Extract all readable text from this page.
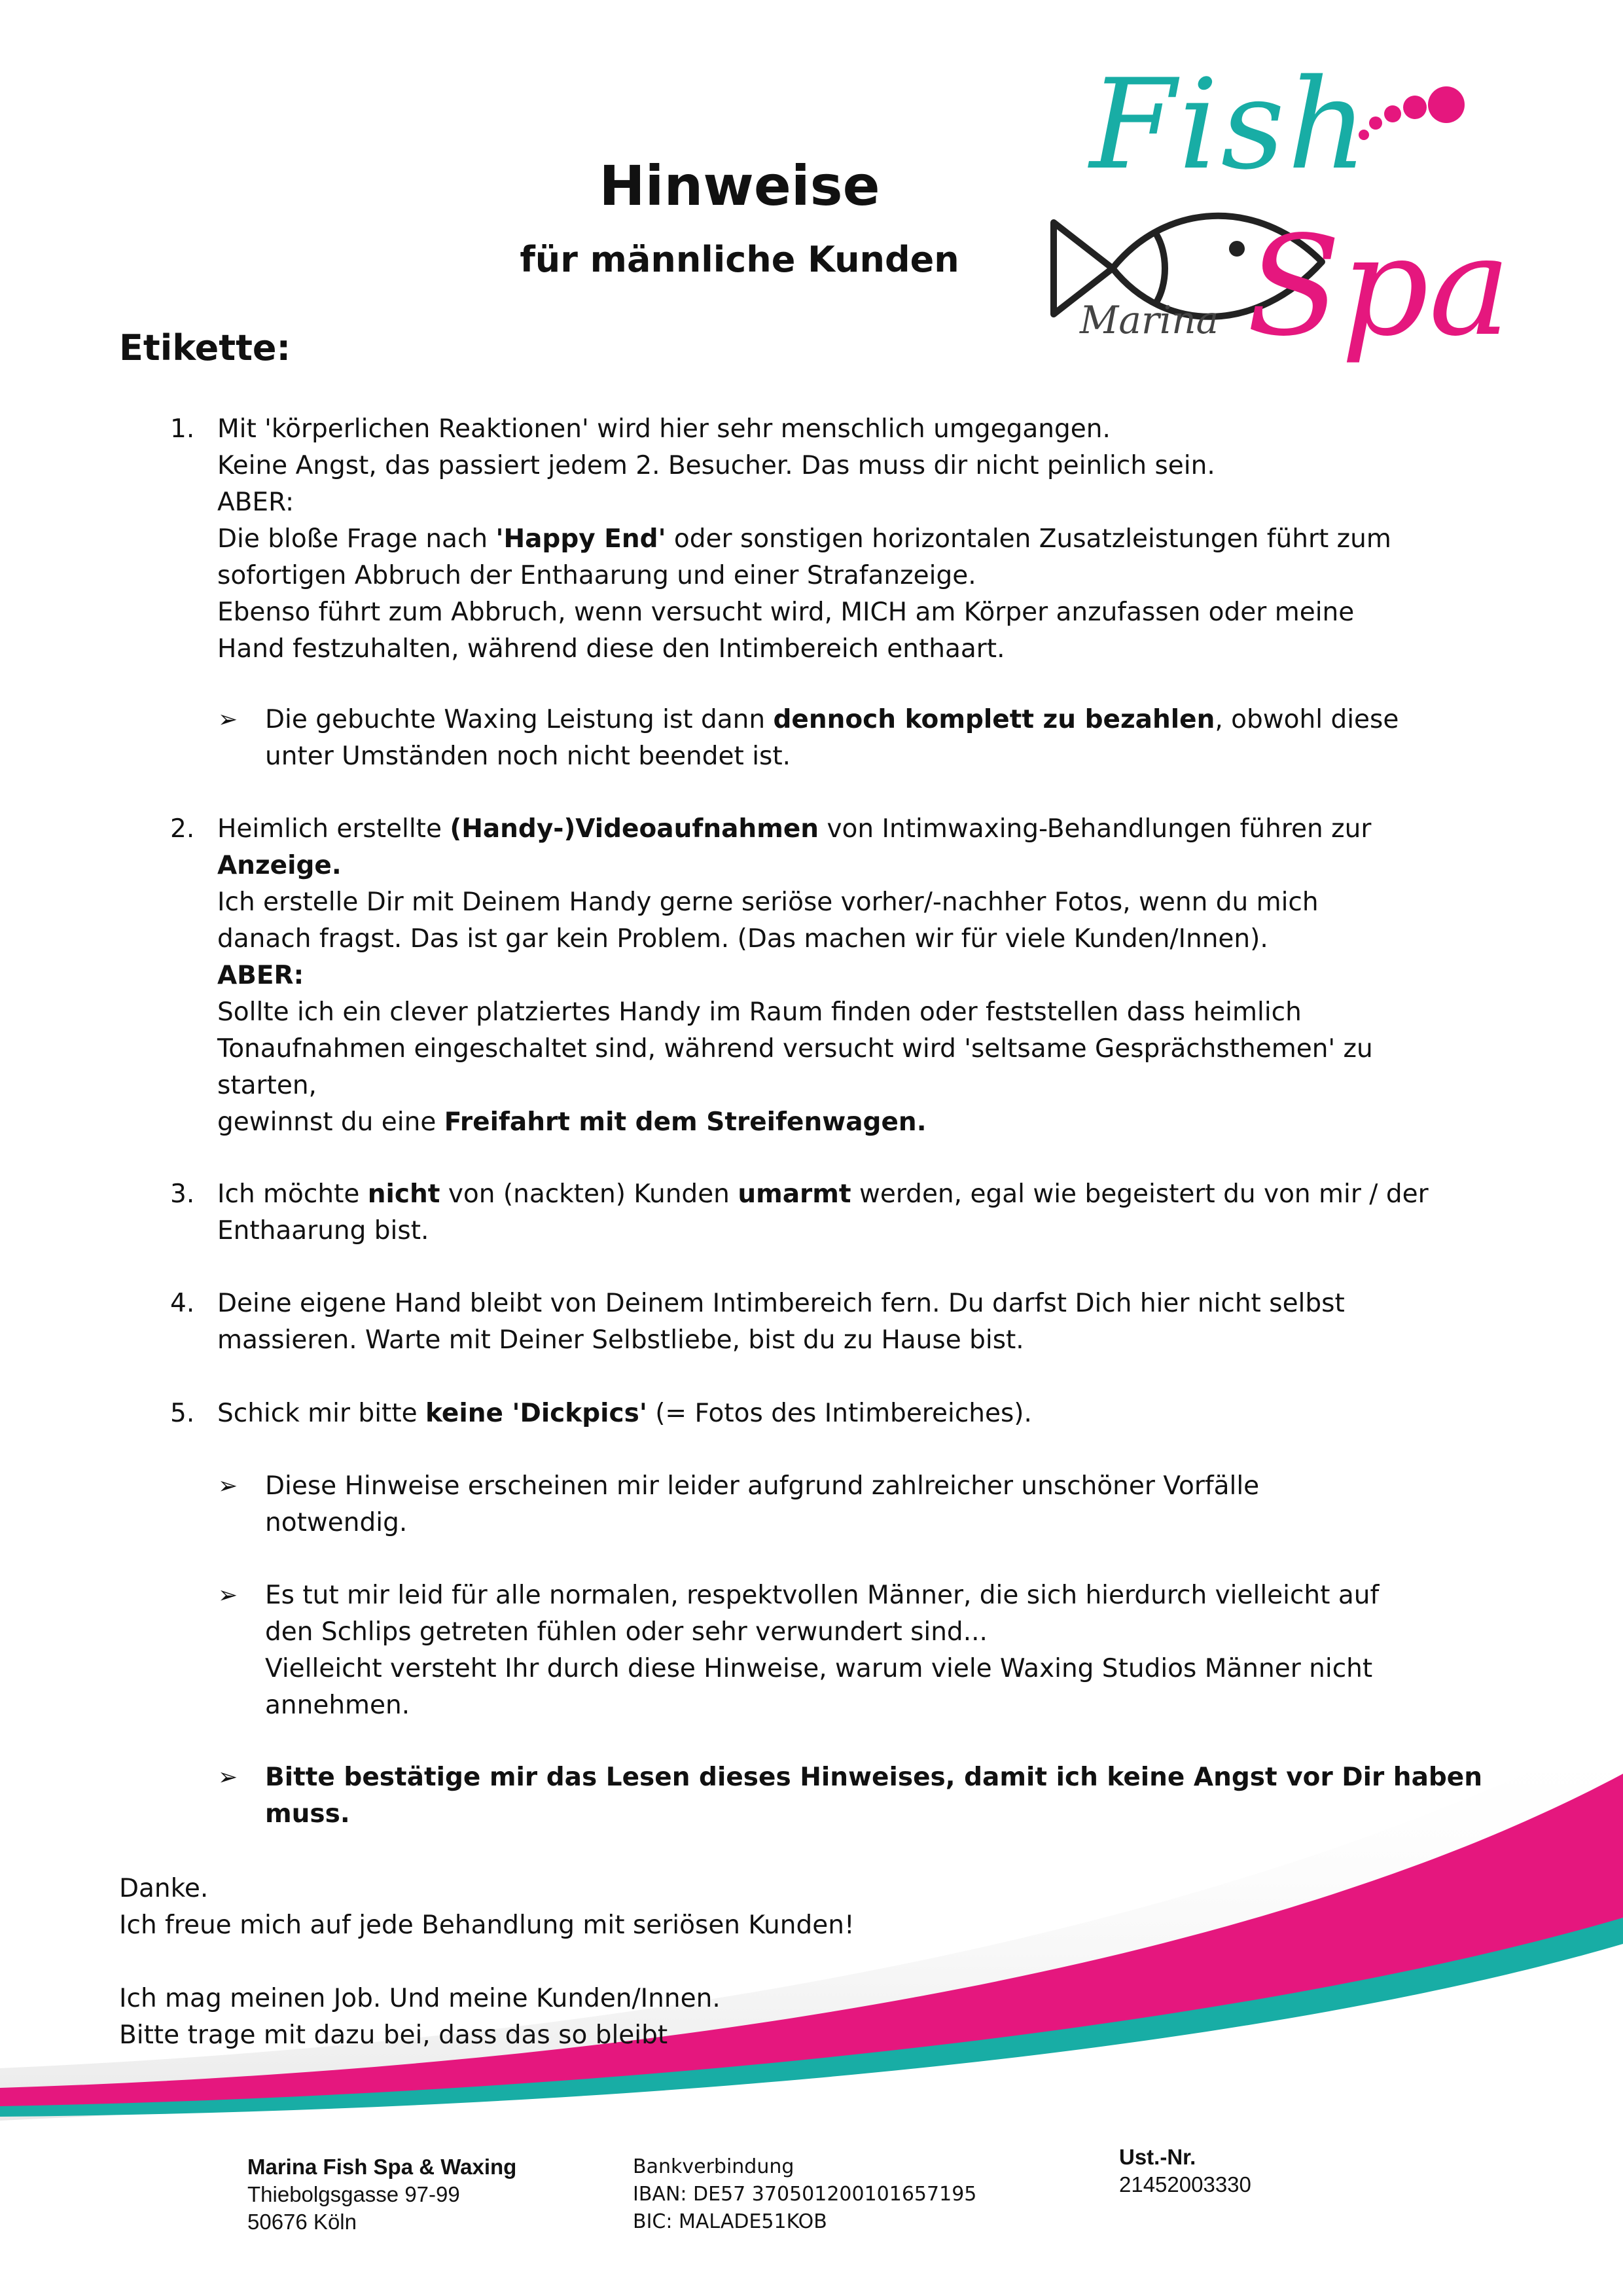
Fish
Spa
Marina
Hinweise
für männliche Kunden
Etikette:
1. Mit 'körperlichen Reaktionen' wird hier sehr menschlich umgegangen.
Keine Angst, das passiert jedem 2. Besucher. Das muss dir nicht peinlich sein.
ABER:
Die bloße Frage nach 'Happy End' oder sonstigen horizontalen Zusatzleistungen führt zum
sofortigen Abbruch der Enthaarung und einer Strafanzeige.
Ebenso führt zum Abbruch, wenn versucht wird, MICH am Körper anzufassen oder meine
Hand festzuhalten, während diese den Intimbereich enthaart.
➢ Die gebuchte Waxing Leistung ist dann dennoch komplett zu bezahlen, obwohl diese
unter Umständen noch nicht beendet ist.
2. Heimlich erstellte (Handy-)Videoaufnahmen von Intimwaxing-Behandlungen führen zur
Anzeige.
Ich erstelle Dir mit Deinem Handy gerne seriöse vorher/-nachher Fotos, wenn du mich
danach fragst. Das ist gar kein Problem. (Das machen wir für viele Kunden/Innen).
ABER:
Sollte ich ein clever platziertes Handy im Raum finden oder feststellen dass heimlich
Tonaufnahmen eingeschaltet sind, während versucht wird 'seltsame Gesprächsthemen' zu
starten,
gewinnst du eine Freifahrt mit dem Streifenwagen.
3. Ich möchte nicht von (nackten) Kunden umarmt werden, egal wie begeistert du von mir / der
Enthaarung bist.
4. Deine eigene Hand bleibt von Deinem Intimbereich fern. Du darfst Dich hier nicht selbst
massieren. Warte mit Deiner Selbstliebe, bist du zu Hause bist.
5. Schick mir bitte keine 'Dickpics' (= Fotos des Intimbereiches).
➢ Diese Hinweise erscheinen mir leider aufgrund zahlreicher unschöner Vorfälle
notwendig.
➢ Es tut mir leid für alle normalen, respektvollen Männer, die sich hierdurch vielleicht auf
den Schlips getreten fühlen oder sehr verwundert sind...
Vielleicht versteht Ihr durch diese Hinweise, warum viele Waxing Studios Männer nicht
annehmen.
➢ Bitte bestätige mir das Lesen dieses Hinweises, damit ich keine Angst vor Dir haben
muss.
Danke.
Ich freue mich auf jede Behandlung mit seriösen Kunden!
Ich mag meinen Job. Und meine Kunden/Innen.
Bitte trage mit dazu bei, dass das so bleibt
Marina Fish Spa & Waxing
Thiebolgsgasse 97-99
50676 Köln
Bankverbindung
IBAN: DE57 370501200101657195
BIC: MALADE51KOB
Ust.-Nr.
21452003330
